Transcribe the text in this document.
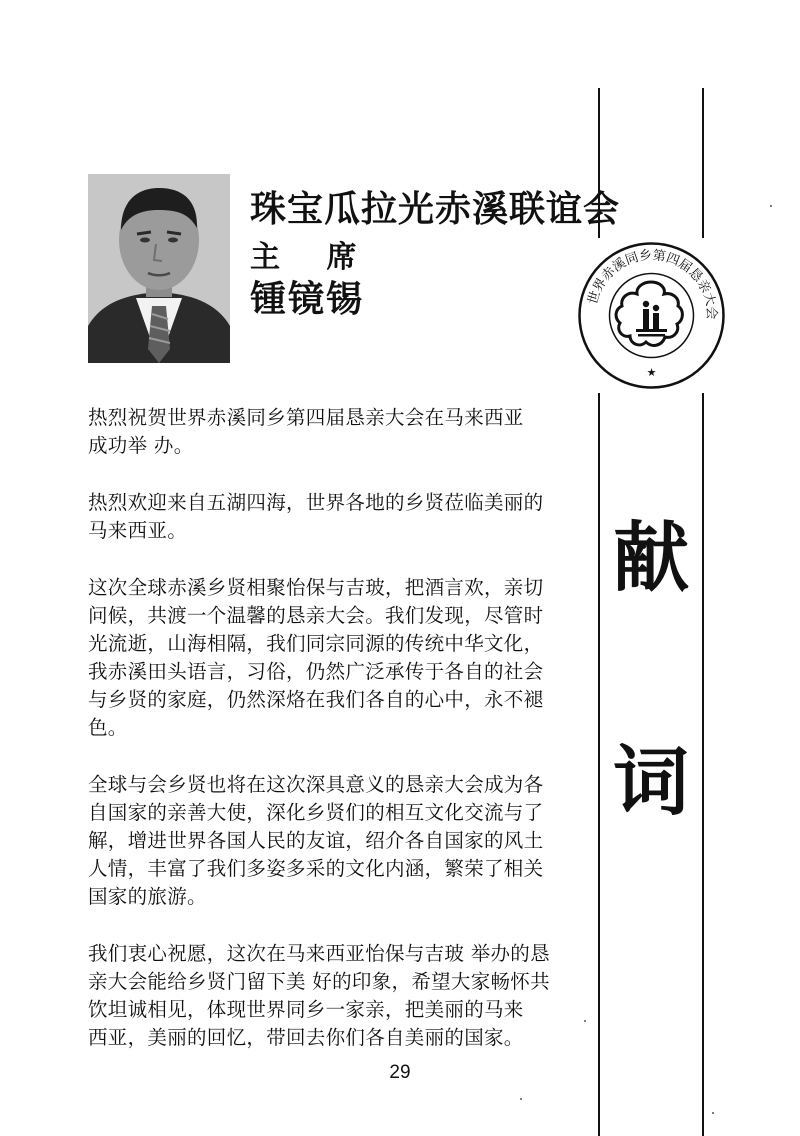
世界赤溪同乡第四届恳亲大会
★
献
词
珠宝瓜拉光赤溪联谊会
主 席
锺镜锡

热烈祝贺世界赤溪同乡第四届恳亲大会在马来西亚
成功举 办。

热烈欢迎来自五湖四海，世界各地的乡贤莅临美丽的
马来西亚。

这次全球赤溪乡贤相聚怡保与吉玻，把酒言欢，亲切
问候，共渡一个温馨的恳亲大会。我们发现，尽管时
光流逝，山海相隔，我们同宗同源的传统中华文化，
我赤溪田头语言，习俗，仍然广泛承传于各自的社会
与乡贤的家庭，仍然深烙在我们各自的心中，永不褪
色。

全球与会乡贤也将在这次深具意义的恳亲大会成为各
自国家的亲善大使，深化乡贤们的相互文化交流与了
解，增进世界各国人民的友谊，绍介各自国家的风土
人情，丰富了我们多姿多采的文化内涵，繁荣了相关
国家的旅游。

我们衷心祝愿，这次在马来西亚怡保与吉玻 举办的恳
亲大会能给乡贤门留下美 好的印象，希望大家畅怀共
饮坦诚相见，体现世界同乡一家亲，把美丽的马来
西亚，美丽的回忆，带回去你们各自美丽的国家。

29
